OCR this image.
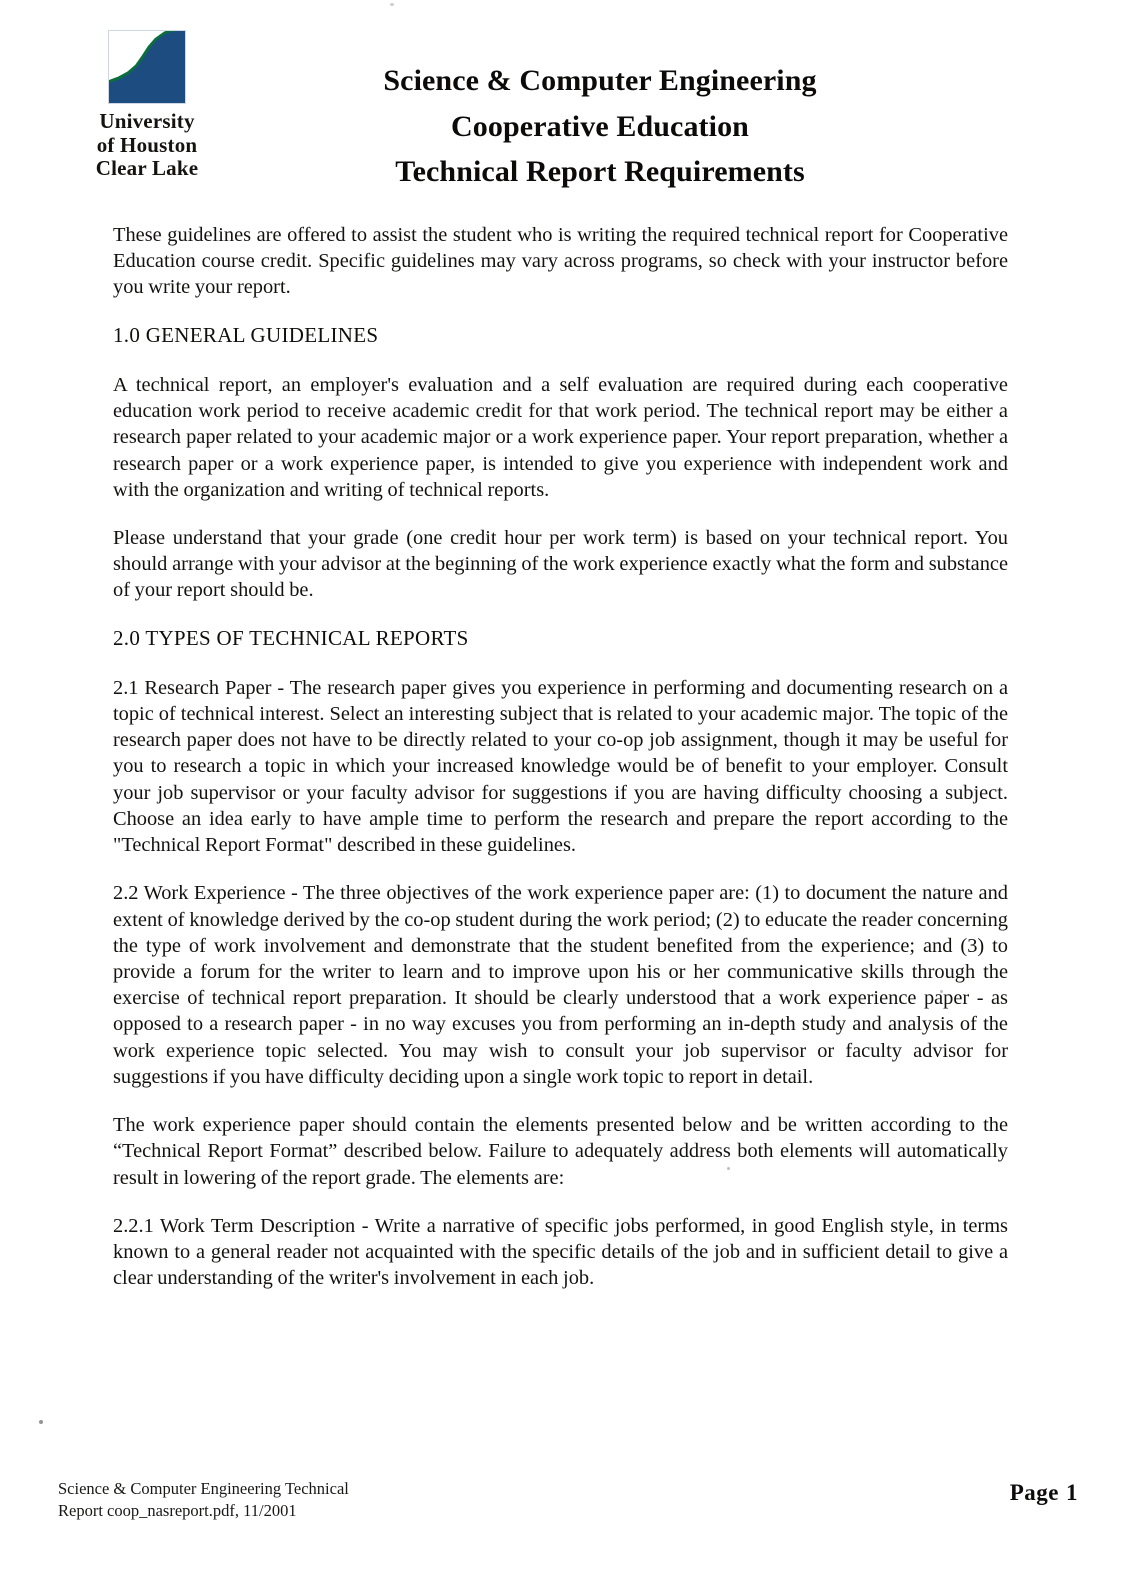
University
of Houston
Clear Lake
Science & Computer Engineering
Cooperative Education
Technical Report Requirements

These guidelines are offered to assist the student who is writing the required technical report for Cooperative Education course credit. Specific guidelines may vary across programs, so check with your instructor before you write your report.

1.0 GENERAL GUIDELINES

A technical report, an employer's evaluation and a self evaluation are required during each cooperative education work period to receive academic credit for that work period. The technical report may be either a research paper related to your academic major or a work experience paper. Your report preparation, whether a research paper or a work experience paper, is intended to give you experience with independent work and with the organization and writing of technical reports.

Please understand that your grade (one credit hour per work term) is based on your technical report. You should arrange with your advisor at the beginning of the work experience exactly what the form and substance of your report should be.

2.0 TYPES OF TECHNICAL REPORTS

2.1 Research Paper - The research paper gives you experience in performing and documenting research on a topic of technical interest. Select an interesting subject that is related to your academic major. The topic of the research paper does not have to be directly related to your co-op job assignment, though it may be useful for you to research a topic in which your increased knowledge would be of benefit to your employer. Consult your job supervisor or your faculty advisor for suggestions if you are having difficulty choosing a subject. Choose an idea early to have ample time to perform the research and prepare the report according to the "Technical Report Format" described in these guidelines.

2.2 Work Experience - The three objectives of the work experience paper are: (1) to document the nature and extent of knowledge derived by the co-op student during the work period; (2) to educate the reader concerning the type of work involvement and demonstrate that the student benefited from the experience; and (3) to provide a forum for the writer to learn and to improve upon his or her communicative skills through the exercise of technical report preparation. It should be clearly understood that a work experience paper - as opposed to a research paper - in no way excuses you from performing an in-depth study and analysis of the work experience topic selected. You may wish to consult your job supervisor or faculty advisor for suggestions if you have difficulty deciding upon a single work topic to report in detail.

The work experience paper should contain the elements presented below and be written according to the “Technical Report Format” described below. Failure to adequately address both elements will automatically result in lowering of the report grade. The elements are:

2.2.1 Work Term Description - Write a narrative of specific jobs performed, in good English style, in terms known to a general reader not acquainted with the specific details of the job and in sufficient detail to give a clear understanding of the writer's involvement in each job.

Science & Computer Engineering Technical
Report coop_nasreport.pdf, 11/2001
Page 1
